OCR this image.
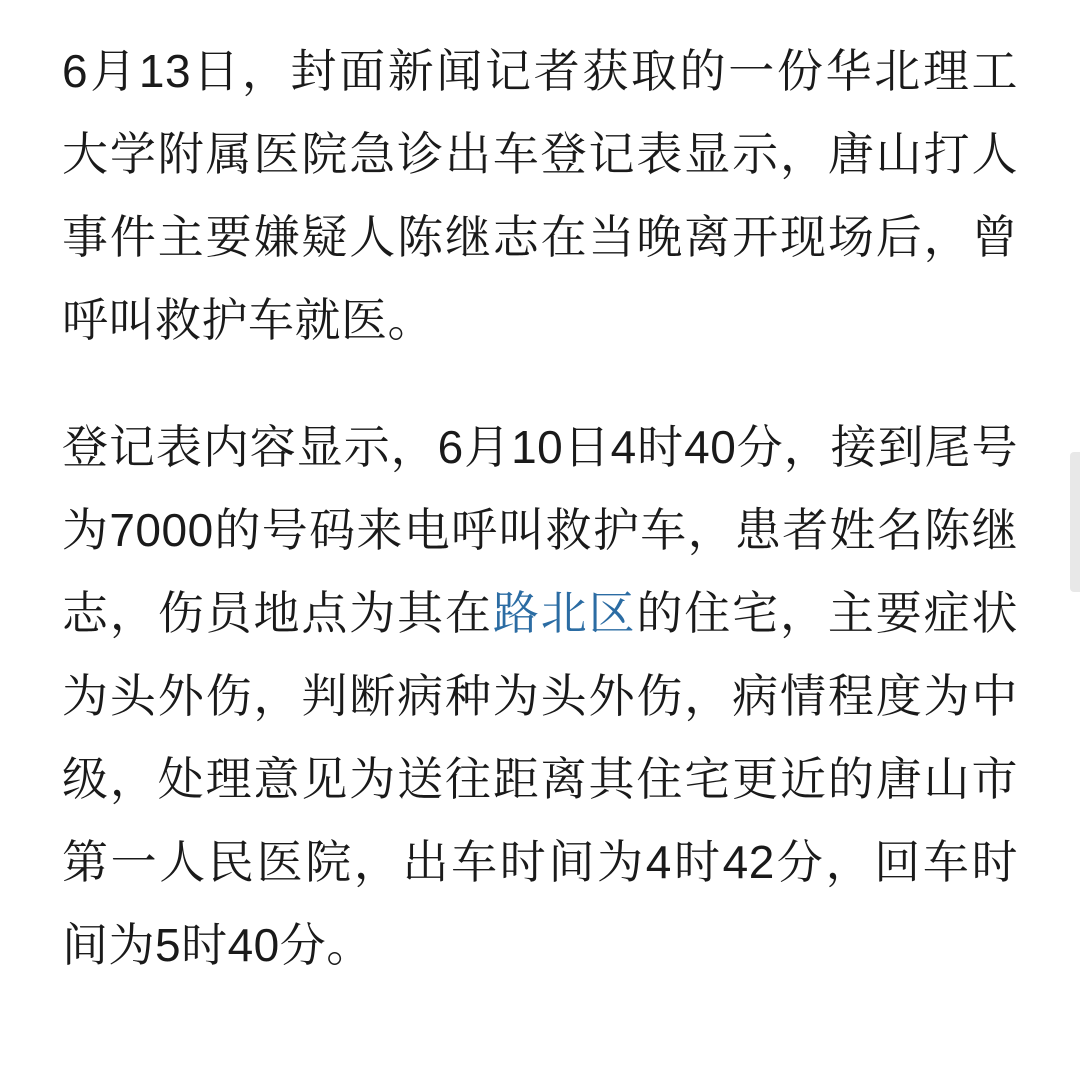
6月13日，封面新闻记者获取的一份华北理工大学附属医院急诊出车登记表显示，唐山打人事件主要嫌疑人陈继志在当晚离开现场后，曾呼叫救护车就医。

登记表内容显示，6月10日4时40分，接到尾号为7000的号码来电呼叫救护车，患者姓名陈继志，伤员地点为其在路北区的住宅，主要症状为头外伤，判断病种为头外伤，病情程度为中级，处理意见为送往距离其住宅更近的唐山市第一人民医院，出车时间为4时42分，回车时间为5时40分。
